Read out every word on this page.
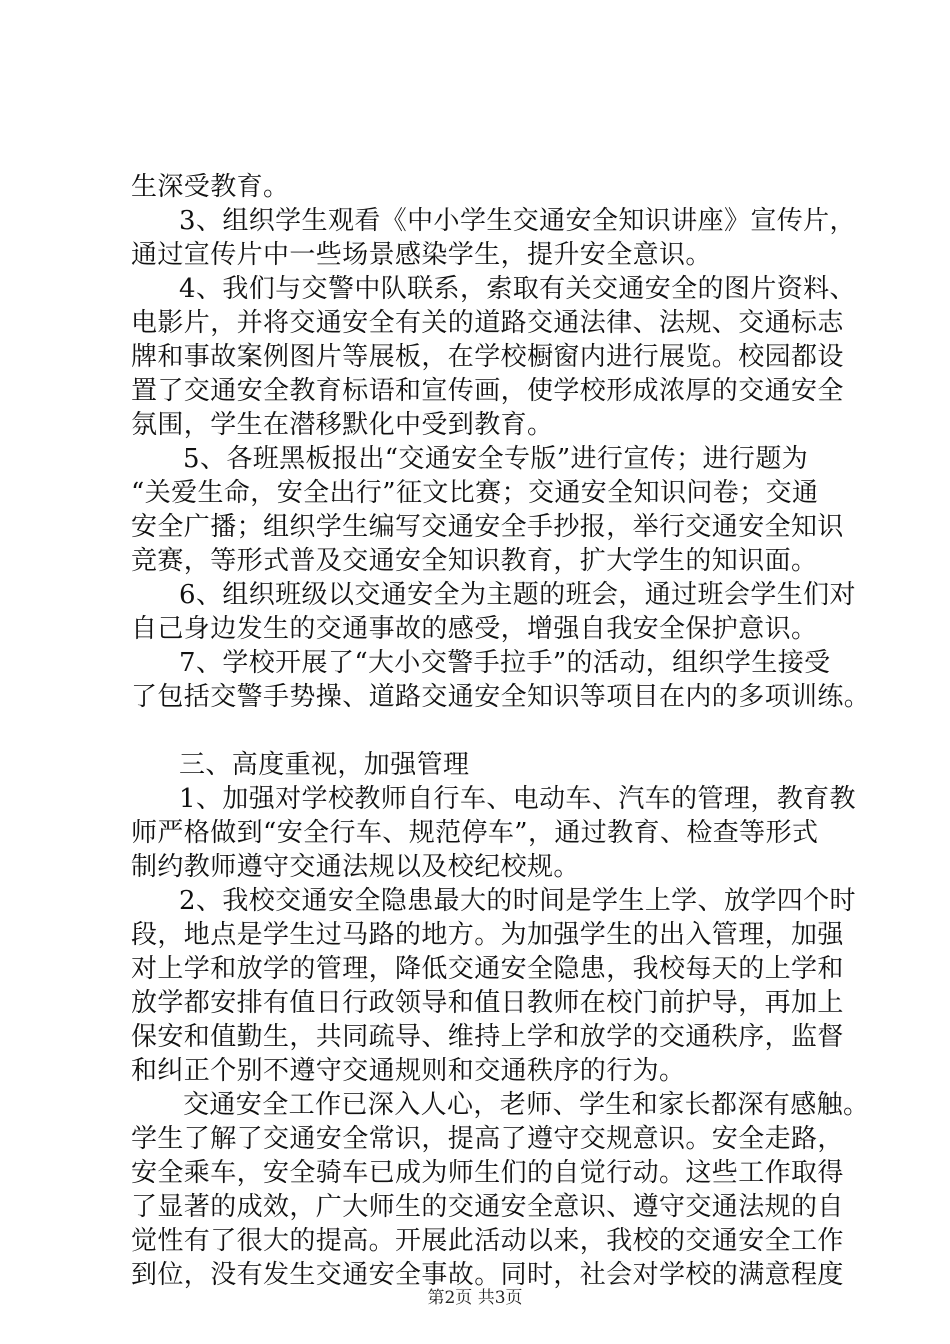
生深受教育。
3、组织学生观看《中小学生交通安全知识讲座》宣传片，
通过宣传片中一些场景感染学生，提升安全意识。
4、我们与交警中队联系，索取有关交通安全的图片资料、
电影片，并将交通安全有关的道路交通法律、法规、交通标志
牌和事故案例图片等展板，在学校橱窗内进行展览。校园都设
置了交通安全教育标语和宣传画，使学校形成浓厚的交通安全
氛围，学生在潜移默化中受到教育。
5、各班黑板报出“交通安全专版”进行宣传；进行题为
“关爱生命，安全出行”征文比赛；交通安全知识问卷；交通
安全广播；组织学生编写交通安全手抄报，举行交通安全知识
竞赛，等形式普及交通安全知识教育，扩大学生的知识面。
6、组织班级以交通安全为主题的班会，通过班会学生们对
自己身边发生的交通事故的感受，增强自我安全保护意识。
7、学校开展了“大小交警手拉手”的活动，组织学生接受
了包括交警手势操、道路交通安全知识等项目在内的多项训练。
三、高度重视，加强管理
1、加强对学校教师自行车、电动车、汽车的管理，教育教
师严格做到“安全行车、规范停车”，通过教育、检查等形式
制约教师遵守交通法规以及校纪校规。
2、我校交通安全隐患最大的时间是学生上学、放学四个时
段，地点是学生过马路的地方。为加强学生的出入管理，加强
对上学和放学的管理，降低交通安全隐患，我校每天的上学和
放学都安排有值日行政领导和值日教师在校门前护导，再加上
保安和值勤生，共同疏导、维持上学和放学的交通秩序，监督
和纠正个别不遵守交通规则和交通秩序的行为。
交通安全工作已深入人心，老师、学生和家长都深有感触。
学生了解了交通安全常识，提高了遵守交规意识。安全走路，
安全乘车，安全骑车已成为师生们的自觉行动。这些工作取得
了显著的成效，广大师生的交通安全意识、遵守交通法规的自
觉性有了很大的提高。开展此活动以来，我校的交通安全工作
到位，没有发生交通安全事故。同时，社会对学校的满意程度
第2页 共3页
